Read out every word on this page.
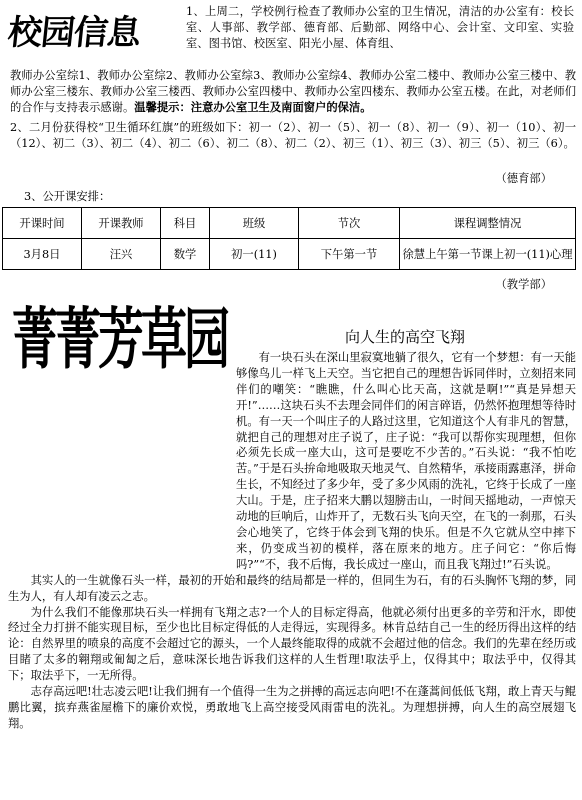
校园信息

1、上周二，学校例行检查了教师办公室的卫生情况，清洁的办公室有：校长室、人事部、教学部、德育部、后勤部、网络中心、会计室、文印室、实验室、图书馆、校医室、阳光小屋、体育组、

教师办公室综1、教师办公室综2、教师办公室综3、教师办公室综4、教师办公室二楼中、教师办公室三楼中、教师办公室三楼东、教师办公室三楼西、教师办公室四楼中、教师办公室四楼东、教师办公室五楼。在此，对老师们的合作与支持表示感谢。温馨提示：注意办公室卫生及南面窗户的保洁。

2、二月份获得校“卫生循环红旗”的班级如下：初一（2）、初一（5）、初一（8）、初一（9）、初一（10）、初一（12）、初二（3）、初二（4）、初二（6）、初二（8）、初二（2）、初三（1）、初三（3）、初三（5）、初三（6）。

（德育部）
3、公开课安排：
开课时间	开课教师	科目	班级	节次	课程调整情况
3月8日	汪兴	数学	初一(11)	下午第一节	徐慧上午第一节课上初一(11)心理
（教学部）
菁菁芳草园	向人生的高空飞翔

有一块石头在深山里寂寞地躺了很久，它有一个梦想：有一天能够像鸟儿一样飞上天空。当它把自己的理想告诉同伴时，立刻招来同伴们的嘲笑：“瞧瞧，什么叫心比天高，这就是啊!”“真是异想天开!”……这块石头不去理会同伴们的闲言碎语，仍然怀抱理想等待时机。有一天一个叫庄子的人路过这里，它知道这个人有非凡的智慧，就把自己的理想对庄子说了，庄子说：“我可以帮你实现理想，但你必须先长成一座大山，这可是要吃不少苦的。”石头说：“我不怕吃苦。”于是石头拚命地吸取天地灵气、自然精华，承接雨露惠泽，拼命生长，不知经过了多少年，受了多少风雨的洗礼，它终于长成了一座大山。于是，庄子招来大鹏以翅膀击山，一时间天摇地动，一声惊天动地的巨响后，山炸开了，无数石头飞向天空，在飞的一刹那，石头会心地笑了，它终于体会到飞翔的快乐。但是不久它就从空中摔下来，仍变成当初的模样，落在原来的地方。庄子问它：“你后悔吗?”“不，我不后悔，我长成过一座山，而且我飞翔过!”石头说。

其实人的一生就像石头一样，最初的开始和最终的结局都是一样的，但同生为石，有的石头胸怀飞翔的梦，同生为人，有人却有凌云之志。

为什么我们不能像那块石头一样拥有飞翔之志?一个人的目标定得高，他就必须付出更多的辛劳和汗水，即使经过全力打拼不能实现目标，至少也比目标定得低的人走得远，实现得多。林肯总结自己一生的经历得出这样的结论：自然界里的喷泉的高度不会超过它的源头，一个人最终能取得的成就不会超过他的信念。我们的先辈在经历或目睹了太多的翱翔或匍匐之后，意味深长地告诉我们这样的人生哲理!取法乎上，仅得其中；取法乎中，仅得其下；取法乎下，一无所得。

志存高远吧!壮志凌云吧!让我们拥有一个值得一生为之拼搏的高远志向吧!不在蓬蒿间低低飞翔，敢上青天与鲲鹏比翼，摈弃燕雀屋檐下的廉价欢悦，勇敢地飞上高空接受风雨雷电的洗礼。为理想拼搏，向人生的高空展翅飞翔。
